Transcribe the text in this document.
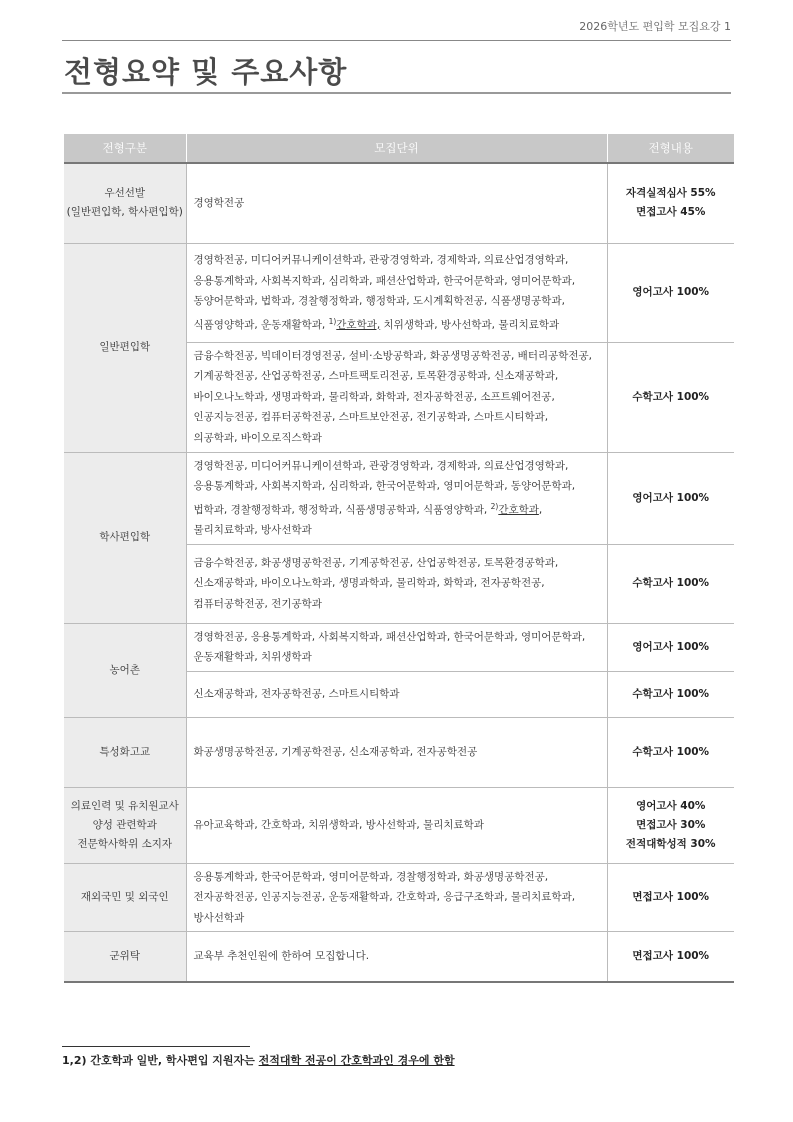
2026학년도 편입학 모집요강 1
전형요약 및 주요사항
전형구분	모집단위	전형내용
우선선발
(일반편입학, 학사편입학)	경영학전공	자격실적심사 55%
면접고사 45%
일반편입학	경영학전공, 미디어커뮤니케이션학과, 관광경영학과, 경제학과, 의료산업경영학과,
응용통계학과, 사회복지학과, 심리학과, 패션산업학과, 한국어문학과, 영미어문학과,
동양어문학과, 법학과, 경찰행정학과, 행정학과, 도시계획학전공, 식품생명공학과,
식품영양학과, 운동재활학과, $^{1)}$간호학과, 치위생학과, 방사선학과, 물리치료학과	영어고사 100%
	금융수학전공, 빅데이터경영전공, 설비·소방공학과, 화공생명공학전공, 배터리공학전공,
기계공학전공, 산업공학전공, 스마트팩토리전공, 토목환경공학과, 신소재공학과,
바이오나노학과, 생명과학과, 물리학과, 화학과, 전자공학전공, 소프트웨어전공,
인공지능전공, 컴퓨터공학전공, 스마트보안전공, 전기공학과, 스마트시티학과,
의공학과, 바이오로직스학과	수학고사 100%
학사편입학	경영학전공, 미디어커뮤니케이션학과, 관광경영학과, 경제학과, 의료산업경영학과,
응용통계학과, 사회복지학과, 심리학과, 한국어문학과, 영미어문학과, 동양어문학과,
법학과, 경찰행정학과, 행정학과, 식품생명공학과, 식품영양학과, $^{2)}$간호학과,
물리치료학과, 방사선학과	영어고사 100%
	금융수학전공, 화공생명공학전공, 기계공학전공, 산업공학전공, 토목환경공학과,
신소재공학과, 바이오나노학과, 생명과학과, 물리학과, 화학과, 전자공학전공,
컴퓨터공학전공, 전기공학과	수학고사 100%
농어촌	경영학전공, 응용통계학과, 사회복지학과, 패션산업학과, 한국어문학과, 영미어문학과,
운동재활학과, 치위생학과	영어고사 100%
	신소재공학과, 전자공학전공, 스마트시티학과	수학고사 100%
특성화고교	화공생명공학전공, 기계공학전공, 신소재공학과, 전자공학전공	수학고사 100%
의료인력 및 유치원교사
양성 관련학과
전문학사학위 소지자	유아교육학과, 간호학과, 치위생학과, 방사선학과, 물리치료학과	영어고사 40%
면접고사 30%
전적대학성적 30%
재외국민 및 외국인	응용통계학과, 한국어문학과, 영미어문학과, 경찰행정학과, 화공생명공학전공,
전자공학전공, 인공지능전공, 운동재활학과, 간호학과, 응급구조학과, 물리치료학과,
방사선학과	면접고사 100%
군위탁	교육부 추천인원에 한하여 모집합니다.	면접고사 100%
1,2) 간호학과 일반, 학사편입 지원자는 전적대학 전공이 간호학과인 경우에 한함
